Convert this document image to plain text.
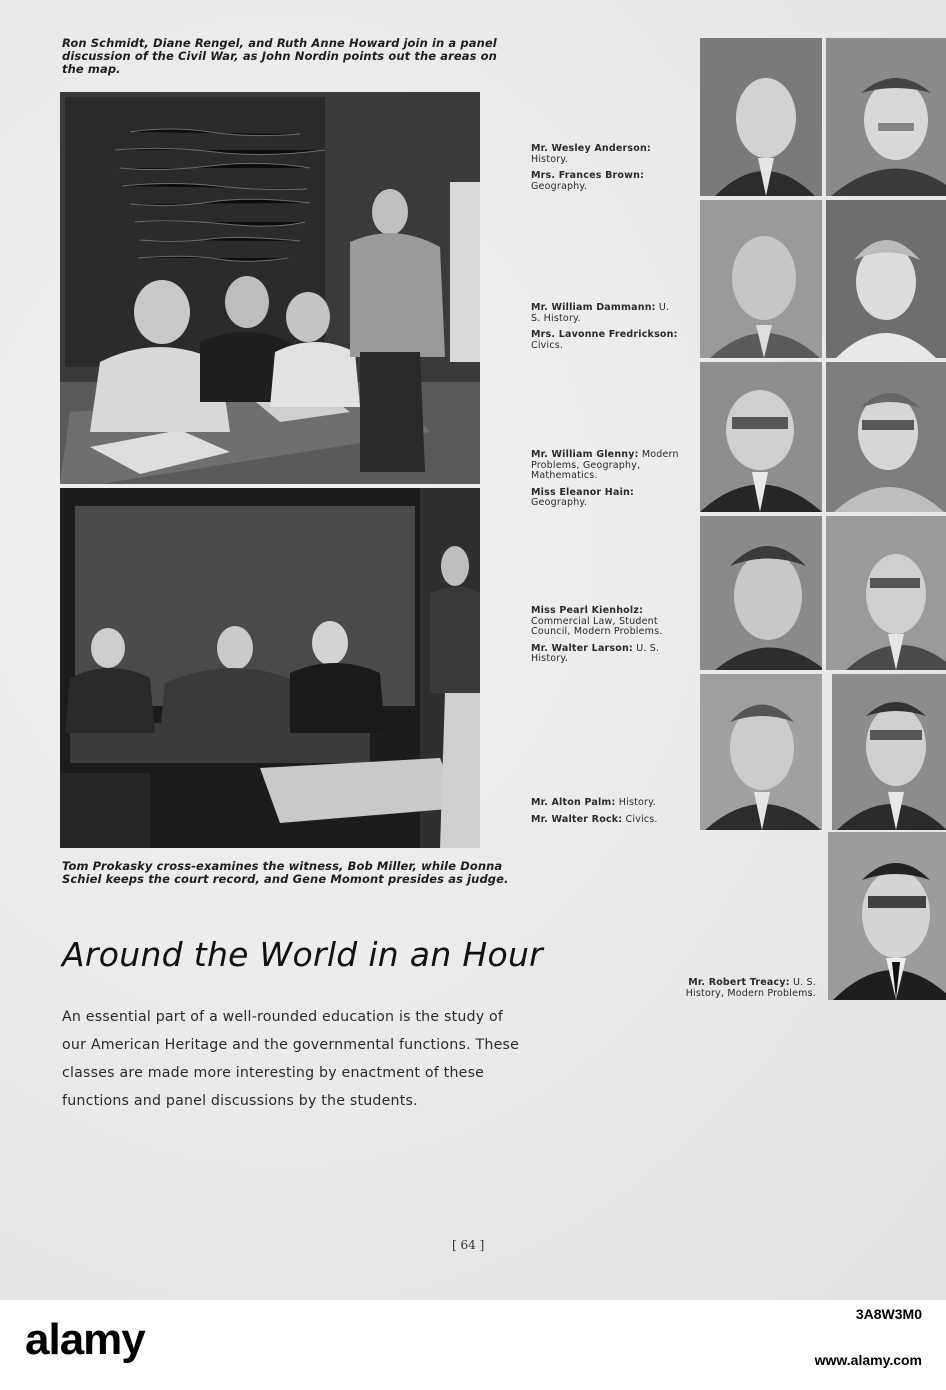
Ron Schmidt, Diane Rengel, and Ruth Anne Howard join in a panel discussion of the Civil War, as John Nordin points out the areas on the map.
Tom Prokasky cross-examines the witness, Bob Miller, while Donna Schiel keeps the court record, and Gene Momont presides as judge.

Mr. Wesley Anderson: History.

Mrs. Frances Brown: Geography.

Mr. William Dammann: U. S. History.

Mrs. Lavonne Fredrickson: Civics.

Mr. William Glenny: Modern Problems, Geography, Mathematics.

Miss Eleanor Hain: Geography.

Miss Pearl Kienholz: Commercial Law, Student Council, Modern Problems.

Mr. Walter Larson: U. S. History.

Mr. Alton Palm: History.

Mr. Walter Rock: Civics.

Mr. Robert Treacy: U. S. History, Modern Problems.

Around the World in an Hour
An essential part of a well-rounded education is the study of our American Heritage and the governmental functions. These classes are made more interesting by enactment of these functions and panel discussions by the students.
[ 64 ]
alamy
3A8W3M0
www.alamy.com
